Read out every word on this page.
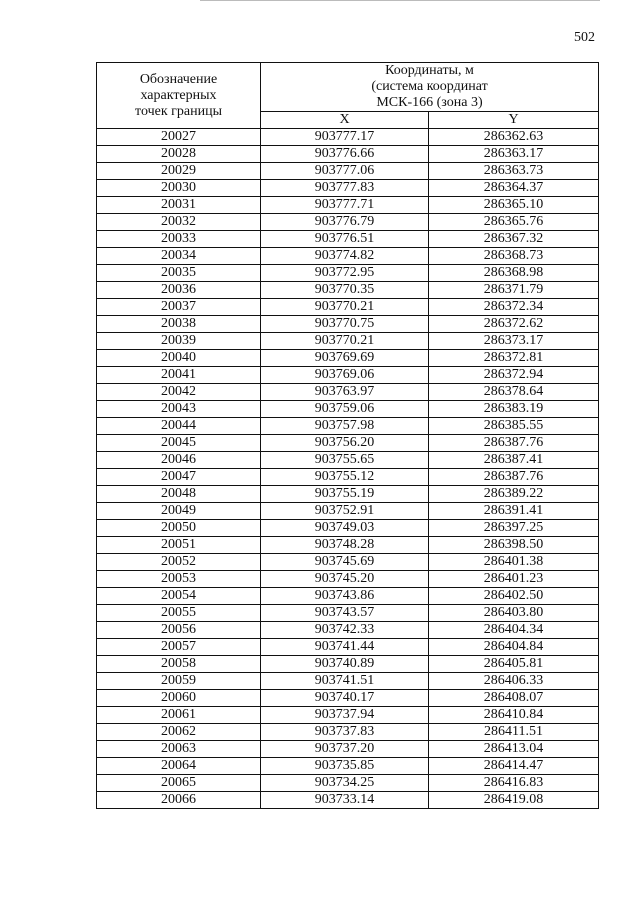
502
Обозначение
характерных
точек границы	Координаты, м
(система координат
МСК-166 (зона 3)	

	X	Y
20027	903777.17	286362.63
20028	903776.66	286363.17
20029	903777.06	286363.73
20030	903777.83	286364.37
20031	903777.71	286365.10
20032	903776.79	286365.76
20033	903776.51	286367.32
20034	903774.82	286368.73
20035	903772.95	286368.98
20036	903770.35	286371.79
20037	903770.21	286372.34
20038	903770.75	286372.62
20039	903770.21	286373.17
20040	903769.69	286372.81
20041	903769.06	286372.94
20042	903763.97	286378.64
20043	903759.06	286383.19
20044	903757.98	286385.55
20045	903756.20	286387.76
20046	903755.65	286387.41
20047	903755.12	286387.76
20048	903755.19	286389.22
20049	903752.91	286391.41
20050	903749.03	286397.25
20051	903748.28	286398.50
20052	903745.69	286401.38
20053	903745.20	286401.23
20054	903743.86	286402.50
20055	903743.57	286403.80
20056	903742.33	286404.34
20057	903741.44	286404.84
20058	903740.89	286405.81
20059	903741.51	286406.33
20060	903740.17	286408.07
20061	903737.94	286410.84
20062	903737.83	286411.51
20063	903737.20	286413.04
20064	903735.85	286414.47
20065	903734.25	286416.83
20066	903733.14	286419.08
